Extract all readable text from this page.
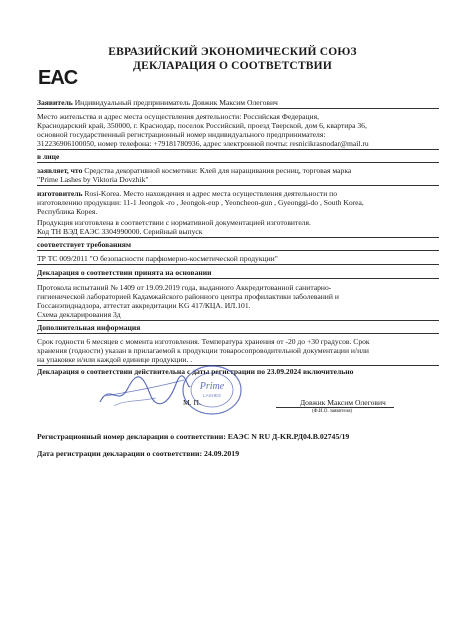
ЕВРАЗИЙСКИЙ ЭКОНОМИЧЕСКИЙ СОЮЗ
ДЕКЛАРАЦИЯ О СООТВЕТСТВИИ
EAC
Заявитель Индивидуальный предприниматель Довжик Максим Олегович
Место жительства и адрес места осуществления деятельности: Российская Федерация,
Краснодарский край, 350000, г. Краснодар, поселок Российский, проезд Тверской, дом 6, квартира 36,
основной государственный регистрационный номер индивидуального предпринимателя:
312236906100050, номер телефона: +79181780936, адрес электронной почты: resnicikrasnodar@mail.ru
в лице
заявляет, что Средства декоративной косметики: Клей для наращивания ресниц, торговая марка
"Prime Lashes by Viktoria Dovzhik"
изготовитель Rosi-Korea. Место нахождения и адрес места осуществления деятельности по
изготовлению продукции: 11-1 Jeongok -ro , Jeongok-eup , Yeoncheon-gun , Gyeonggi-do , South Korea,
Республика Корея.
Продукция изготовлена в соответствии с нормативной документацией изготовителя.
Код ТН ВЭД ЕАЭС 3304990000. Серийный выпуск
соответствует требованиям
ТР ТС 009/2011 "О безопасности парфюмерно-косметической продукции"
Декларация о соответствии принята на основании
Протокола испытаний № 1409 от 19.09.2019 года, выданного Аккредитованной санитарно-
гигиенической лабораторией Кадамжайского районного центра профилактики заболеваний и
Госсанэпиднадзора, аттестат аккредитации KG 417/КЦА. ИЛ.101.
Схема декларирования 3д
Дополнительная информация
Срок годности 6 месяцев с момента изготовления. Температура хранения от -20 до +30 градусов. Срок
хранения (годности) указан в прилагаемой к продукции товаросопроводительной документации и/или
на упаковке и/или каждой единице продукции. .
Декларация о соответствии действительна с даты регистрации по 23.09.2024 включительно
Prime
LASHES
М. П.	Довжик Максим Олегович
(Ф.И.О. заявителя)
Регистрационный номер декларации о соответствии: ЕАЭС N RU Д-KR.РД04.В.02745/19
Дата регистрации декларации о соответствии: 24.09.2019
